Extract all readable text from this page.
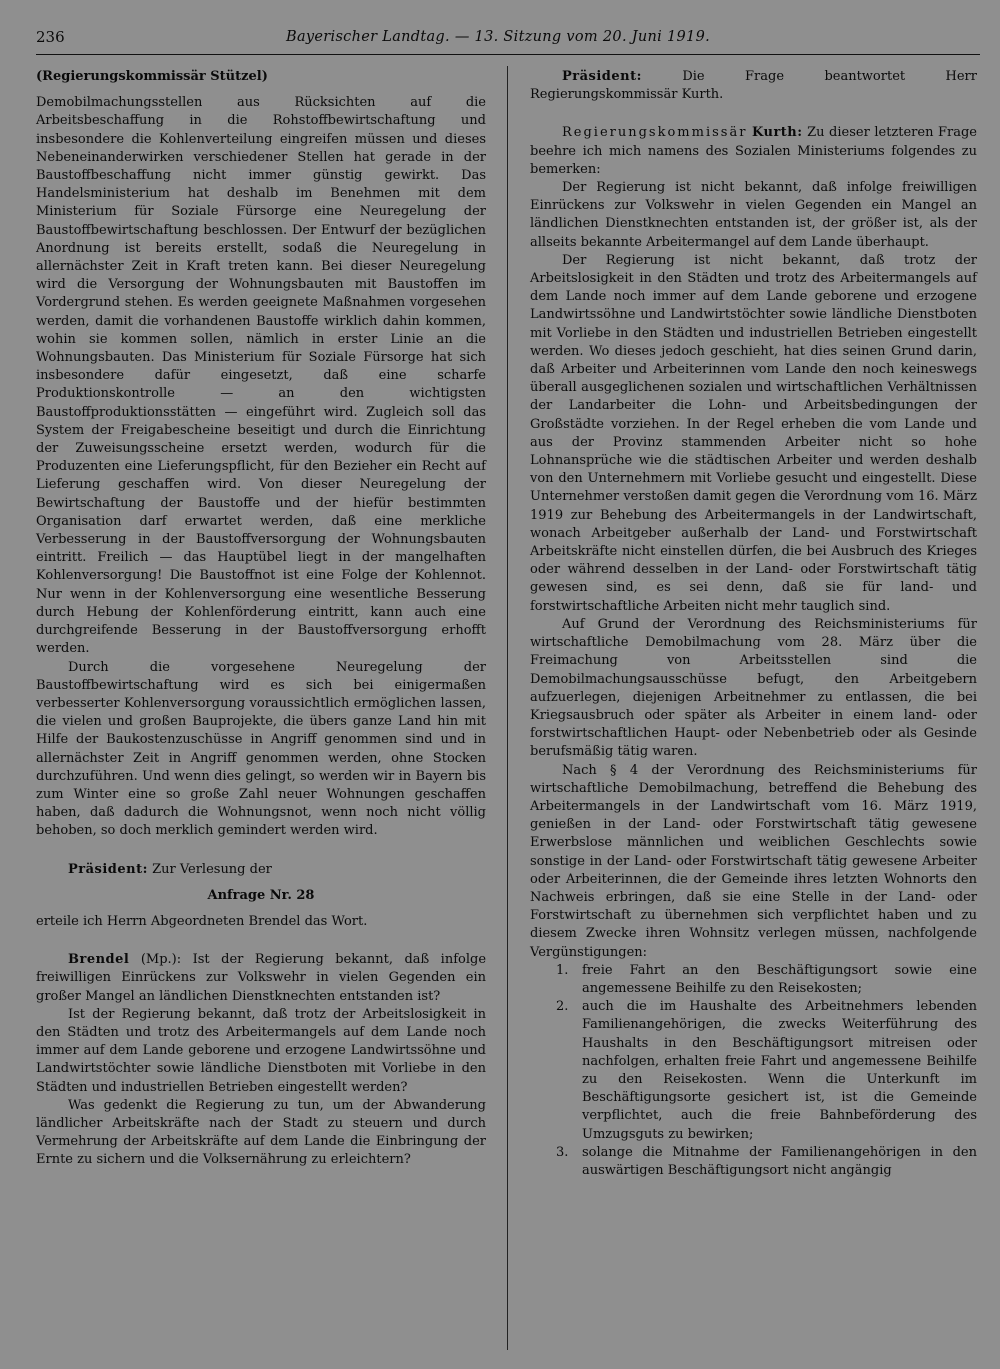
236	Bayerischer Landtag. — 13. Sitzung vom 20. Juni 1919.

(Regierungskommissär Stützel)

Demobilmachungsstellen aus Rücksichten auf die Arbeitsbeschaffung in die Rohstoffbewirtschaftung und insbesondere die Kohlenverteilung eingreifen müssen und dieses Nebeneinanderwirken verschiedener Stellen hat gerade in der Baustoffbeschaffung nicht immer günstig gewirkt. Das Handelsministerium hat deshalb im Benehmen mit dem Ministerium für Soziale Fürsorge eine Neuregelung der Baustoffbewirtschaftung beschlossen. Der Entwurf der bezüglichen Anordnung ist bereits erstellt, sodaß die Neuregelung in allernächster Zeit in Kraft treten kann. Bei dieser Neuregelung wird die Versorgung der Wohnungsbauten mit Baustoffen im Vordergrund stehen. Es werden geeignete Maßnahmen vorgesehen werden, damit die vorhandenen Baustoffe wirklich dahin kommen, wohin sie kommen sollen, nämlich in erster Linie an die Wohnungsbauten. Das Ministerium für Soziale Fürsorge hat sich insbesondere dafür eingesetzt, daß eine scharfe Produktionskontrolle — an den wichtigsten Baustoffproduktionsstätten — eingeführt wird. Zugleich soll das System der Freigabescheine beseitigt und durch die Einrichtung der Zuweisungsscheine ersetzt werden, wodurch für die Produzenten eine Lieferungspflicht, für den Bezieher ein Recht auf Lieferung geschaffen wird. Von dieser Neuregelung der Bewirtschaftung der Baustoffe und der hiefür bestimmten Organisation darf erwartet werden, daß eine merkliche Verbesserung in der Baustoffversorgung der Wohnungsbauten eintritt. Freilich — das Hauptübel liegt in der mangelhaften Kohlenversorgung! Die Baustoffnot ist eine Folge der Kohlennot. Nur wenn in der Kohlenversorgung eine wesentliche Besserung durch Hebung der Kohlenförderung eintritt, kann auch eine durchgreifende Besserung in der Baustoffversorgung erhofft werden.

Durch die vorgesehene Neuregelung der Baustoffbewirtschaftung wird es sich bei einigermaßen verbesserter Kohlenversorgung voraussichtlich ermöglichen lassen, die vielen und großen Bauprojekte, die übers ganze Land hin mit Hilfe der Baukostenzuschüsse in Angriff genommen sind und in allernächster Zeit in Angriff genommen werden, ohne Stocken durchzuführen. Und wenn dies gelingt, so werden wir in Bayern bis zum Winter eine so große Zahl neuer Wohnungen geschaffen haben, daß dadurch die Wohnungsnot, wenn noch nicht völlig behoben, so doch merklich gemindert werden wird.

Präsident: Zur Verlesung der

Anfrage Nr. 28

erteile ich Herrn Abgeordneten Brendel das Wort.

Brendel (Mp.): Ist der Regierung bekannt, daß infolge freiwilligen Einrückens zur Volkswehr in vielen Gegenden ein großer Mangel an ländlichen Dienstknechten entstanden ist?

Ist der Regierung bekannt, daß trotz der Arbeitslosigkeit in den Städten und trotz des Arbeitermangels auf dem Lande noch immer auf dem Lande geborene und erzogene Landwirtssöhne und Landwirtstöchter sowie ländliche Dienstboten mit Vorliebe in den Städten und industriellen Betrieben eingestellt werden?

Was gedenkt die Regierung zu tun, um der Abwanderung ländlicher Arbeitskräfte nach der Stadt zu steuern und durch Vermehrung der Arbeitskräfte auf dem Lande die Einbringung der Ernte zu sichern und die Volksernährung zu erleichtern?

Präsident:	Die Frage beantwortet Herr Regierungskommissär Kurth.

Regierungskommissär Kurth: Zu dieser letzteren Frage beehre ich mich namens des Sozialen Ministeriums folgendes zu bemerken:

Der Regierung ist nicht bekannt, daß infolge freiwilligen Einrückens zur Volkswehr in vielen Gegenden ein Mangel an ländlichen Dienstknechten entstanden ist, der größer ist, als der allseits bekannte Arbeitermangel auf dem Lande überhaupt.

Der Regierung ist nicht bekannt, daß trotz der Arbeitslosigkeit in den Städten und trotz des Arbeitermangels auf dem Lande noch immer auf dem Lande geborene und erzogene Landwirtssöhne und Landwirtstöchter sowie ländliche Dienstboten mit Vorliebe in den Städten und industriellen Betrieben eingestellt werden. Wo dieses jedoch geschieht, hat dies seinen Grund darin, daß Arbeiter und Arbeiterinnen vom Lande den noch keineswegs überall ausgeglichenen sozialen und wirtschaftlichen Verhältnissen der Landarbeiter die Lohn- und Arbeitsbedingungen der Großstädte vorziehen. In der Regel erheben die vom Lande und aus der Provinz stammenden Arbeiter nicht so hohe Lohnansprüche wie die städtischen Arbeiter und werden deshalb von den Unternehmern mit Vorliebe gesucht und eingestellt. Diese Unternehmer verstoßen damit gegen die Verordnung vom 16. März 1919 zur Behebung des Arbeitermangels in der Landwirtschaft, wonach Arbeitgeber außerhalb der Land- und Forstwirtschaft Arbeitskräfte nicht einstellen dürfen, die bei Ausbruch des Krieges oder während desselben in der Land- oder Forstwirtschaft tätig gewesen sind, es sei denn, daß sie für land- und forstwirtschaftliche Arbeiten nicht mehr tauglich sind.

Auf Grund der Verordnung des Reichsministeriums für wirtschaftliche Demobilmachung vom 28. März über die Freimachung von Arbeitsstellen sind die Demobilmachungsausschüsse befugt, den Arbeitgebern aufzuerlegen, diejenigen Arbeitnehmer zu entlassen, die bei Kriegsausbruch oder später als Arbeiter in einem land- oder forstwirtschaftlichen Haupt- oder Nebenbetrieb oder als Gesinde berufsmäßig tätig waren.

Nach § 4 der Verordnung des Reichsministeriums für wirtschaftliche Demobilmachung, betreffend die Behebung des Arbeitermangels in der Landwirtschaft vom 16. März 1919, genießen in der Land- oder Forstwirtschaft tätig gewesene Erwerbslose männlichen und weiblichen Geschlechts sowie sonstige in der Land- oder Forstwirtschaft tätig gewesene Arbeiter oder Arbeiterinnen, die der Gemeinde ihres letzten Wohnorts den Nachweis erbringen, daß sie eine Stelle in der Land- oder Forstwirtschaft zu übernehmen sich verpflichtet haben und zu diesem Zwecke ihren Wohnsitz verlegen müssen, nachfolgende Vergünstigungen:

1. freie Fahrt an den Beschäftigungsort sowie eine angemessene Beihilfe zu den Reisekosten;
2. auch die im Haushalte des Arbeitnehmers lebenden Familienangehörigen, die zwecks Weiterführung des Haushalts in den Beschäftigungsort mitreisen oder nachfolgen, erhalten freie Fahrt und angemessene Beihilfe zu den Reisekosten. Wenn die Unterkunft im Beschäftigungsorte gesichert ist, ist die Gemeinde verpflichtet, auch die freie Bahnbeförderung des Umzugsguts zu bewirken;
3. solange die Mitnahme der Familienangehörigen in den auswärtigen Beschäftigungsort nicht angängig
